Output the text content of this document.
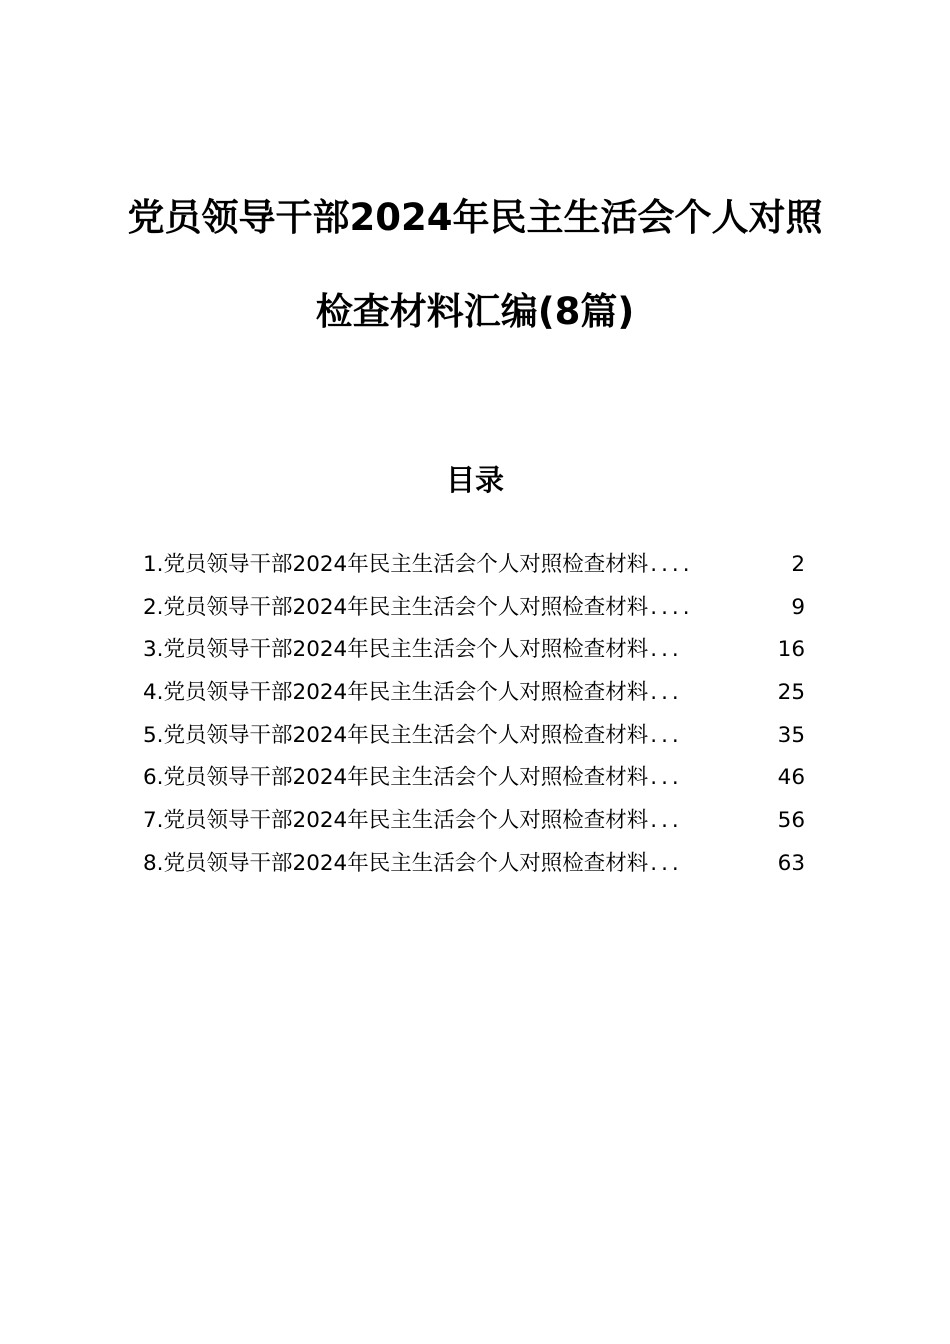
党员领导干部2024年民主生活会个人对照
检查材料汇编(8篇)
目录
1. 党员领导干部2024年民主生活会个人对照检查材料 ....	2
2. 党员领导干部2024年民主生活会个人对照检查材料 ....	9
3. 党员领导干部2024年民主生活会个人对照检查材料 ...	16
4. 党员领导干部2024年民主生活会个人对照检查材料 ...	25
5. 党员领导干部2024年民主生活会个人对照检查材料 ...	35
6. 党员领导干部2024年民主生活会个人对照检查材料 ...	46
7. 党员领导干部2024年民主生活会个人对照检查材料 ...	56
8. 党员领导干部2024年民主生活会个人对照检查材料 ...	63
